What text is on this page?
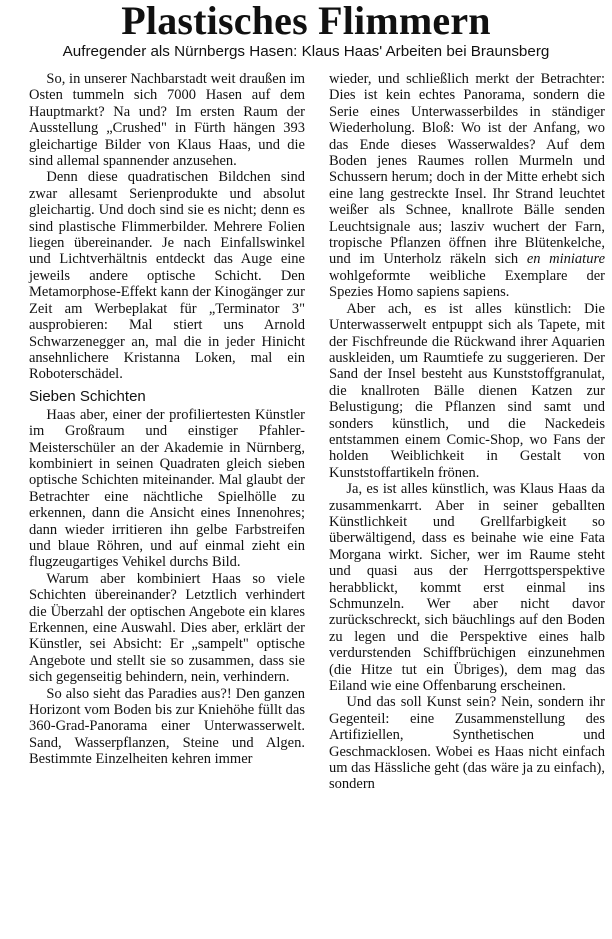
Plastisches Flimmern
Aufregender als Nürnbergs Hasen: Klaus Haas' Arbeiten bei Braunsberg

So, in unserer Nachbarstadt weit draußen im Osten tummeln sich 7000 Hasen auf dem Hauptmarkt? Na und? Im ersten Raum der Ausstellung „Crushed" in Fürth hängen 393 gleichartige Bilder von Klaus Haas, und die sind allemal spannender anzusehen.

Denn diese quadratischen Bildchen sind zwar allesamt Serienprodukte und absolut gleichartig. Und doch sind sie es nicht; denn es sind plastische Flimmerbilder. Mehrere Folien liegen übereinander. Je nach Einfallswinkel und Lichtverhältnis entdeckt das Auge eine jeweils andere optische Schicht. Den Metamorphose-Effekt kann der Kinogänger zur Zeit am Werbeplakat für „Terminator 3" ausprobieren: Mal stiert uns Arnold Schwarzenegger an, mal die in jeder Hinicht ansehnlichere Kristanna Loken, mal ein Roboterschädel.

Sieben Schichten

Haas aber, einer der profiliertesten Künstler im Großraum und einstiger Pfahler-Meisterschüler an der Akademie in Nürnberg, kombiniert in seinen Quadraten gleich sieben optische Schichten miteinander. Mal glaubt der Betrachter eine nächtliche Spielhölle zu erkennen, dann die Ansicht eines Innenohres; dann wieder irritieren ihn gelbe Farbstreifen und blaue Röhren, und auf einmal zieht ein flugzeugartiges Vehikel durchs Bild.

Warum aber kombiniert Haas so viele Schichten übereinander? Letztlich verhindert die Überzahl der optischen Angebote ein klares Erkennen, eine Auswahl. Dies aber, erklärt der Künstler, sei Absicht: Er „sampelt" optische Angebote und stellt sie so zusammen, dass sie sich gegenseitig behindern, nein, verhindern.

So also sieht das Paradies aus?! Den ganzen Horizont vom Boden bis zur Kniehöhe füllt das 360-Grad-Panorama einer Unterwasserwelt. Sand, Wasserpflanzen, Steine und Algen. Bestimmte Einzelheiten kehren immer

wieder, und schließlich merkt der Betrachter: Dies ist kein echtes Panorama, sondern die Serie eines Unterwasserbildes in ständiger Wiederholung. Bloß: Wo ist der Anfang, wo das Ende dieses Wasserwaldes? Auf dem Boden jenes Raumes rollen Murmeln und Schussern herum; doch in der Mitte erhebt sich eine lang gestreckte Insel. Ihr Strand leuchtet weißer als Schnee, knallrote Bälle senden Leuchtsignale aus; lasziv wuchert der Farn, tropische Pflanzen öffnen ihre Blütenkelche, und im Unterholz räkeln sich en miniature wohlgeformte weibliche Exemplare der Spezies Homo sapiens sapiens.

Aber ach, es ist alles künstlich: Die Unterwasserwelt entpuppt sich als Tapete, mit der Fischfreunde die Rückwand ihrer Aquarien auskleiden, um Raumtiefe zu suggerieren. Der Sand der Insel besteht aus Kunststoffgranulat, die knallroten Bälle dienen Katzen zur Belustigung; die Pflanzen sind samt und sonders künstlich, und die Nackedeis entstammen einem Comic-Shop, wo Fans der holden Weiblichkeit in Gestalt von Kunststoffartikeln frönen.

Ja, es ist alles künstlich, was Klaus Haas da zusammenkarrt. Aber in seiner geballten Künstlichkeit und Grellfarbigkeit so überwältigend, dass es beinahe wie eine Fata Morgana wirkt. Sicher, wer im Raume steht und quasi aus der Herrgottsperspektive herabblickt, kommt erst einmal ins Schmunzeln. Wer aber nicht davor zurückschreckt, sich bäuchlings auf den Boden zu legen und die Perspektive eines halb verdurstenden Schiffbrüchigen einzunehmen (die Hitze tut ein Übriges), dem mag das Eiland wie eine Offenbarung erscheinen.

Und das soll Kunst sein? Nein, sondern ihr Gegenteil: eine Zusammenstellung des Artifiziellen, Synthetischen und Geschmacklosen. Wobei es Haas nicht einfach um das Hässliche geht (das wäre ja zu einfach), sondern
